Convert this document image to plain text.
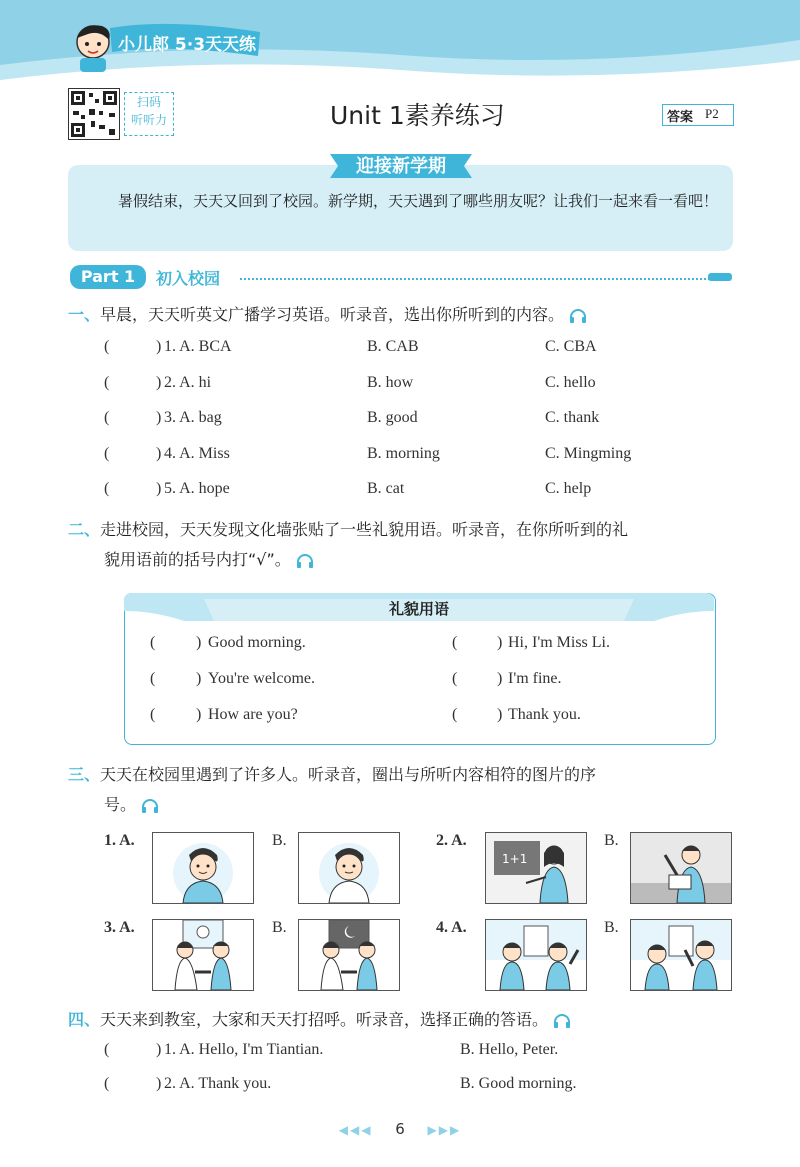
小儿郎 5·3天天练
扫码
听听力	Unit 1素养练习	答案 P2
迎接新学期
暑假结束，天天又回到了校园。新学期，天天遇到了哪些朋友呢？让我们一起来看一看吧！
Part 1	初入校园
一、早晨，天天听英文广播学习英语。听录音，选出你所听到的内容。
(	) 1. A. BCA	B. CAB	C. CBA
(	) 2. A. hi	B. how	C. hello
(	) 3. A. bag	B. good	C. thank
(	) 4. A. Miss	B. morning	C. Mingming
(	) 5. A. hope	B. cat	C. help
二、走进校园，天天发现文化墙张贴了一些礼貌用语。听录音，在你所听到的礼
貌用语前的括号内打“√”。
礼貌用语
(	) Good morning.	( ) Hi, I'm Miss Li.
(	) You're welcome.	( ) I'm fine.
(	) How are you?	( ) Thank you.
三、天天在校园里遇到了许多人。听录音，圈出与所听内容相符的图片的序
号。
1. A.	B.	2. A.
1+1
B.
3. A.	B.	4. A.	B.
四、天天来到教室，大家和天天打招呼。听录音，选择正确的答语。
(	) 1. A. Hello, I'm Tiantian.	B. Hello, Peter.
(	) 2. A. Thank you.	B. Good morning.
◀◀◀ 6 ▶▶▶
